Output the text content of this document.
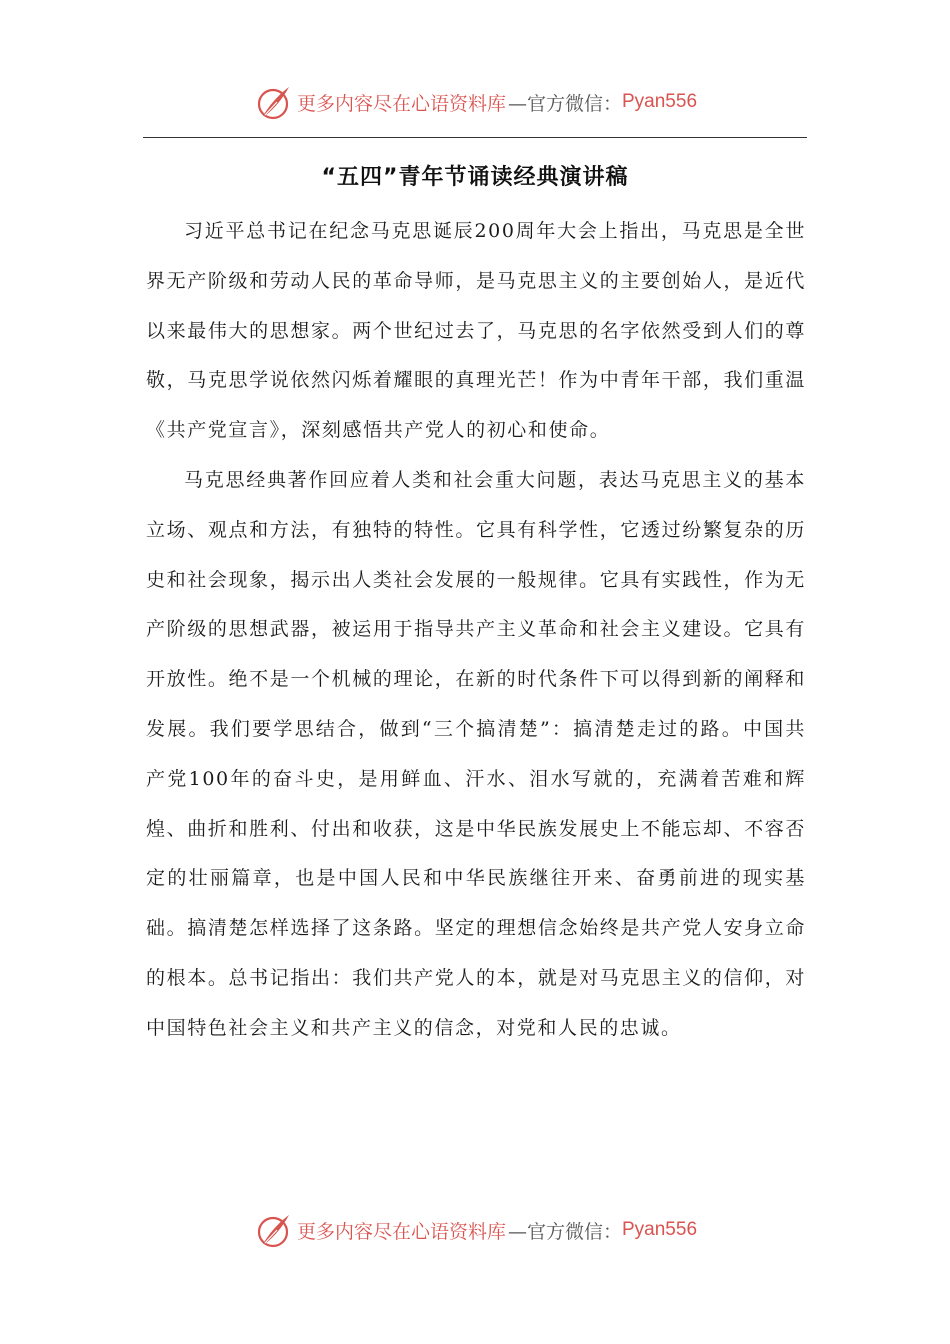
更多内容尽在心语资料库 —官方微信： Pyan556
“五四”青年节诵读经典演讲稿

习近平总书记在纪念马克思诞辰200周年大会上指出，马克思是全世界无产阶级和劳动人民的革命导师，是马克思主义的主要创始人，是近代以来最伟大的思想家。两个世纪过去了，马克思的名字依然受到人们的尊敬，马克思学说依然闪烁着耀眼的真理光芒！作为中青年干部，我们重温《共产党宣言》，深刻感悟共产党人的初心和使命。

马克思经典著作回应着人类和社会重大问题，表达马克思主义的基本立场、观点和方法，有独特的特性。它具有科学性，它透过纷繁复杂的历史和社会现象，揭示出人类社会发展的一般规律。它具有实践性，作为无产阶级的思想武器，被运用于指导共产主义革命和社会主义建设。它具有开放性。绝不是一个机械的理论，在新的时代条件下可以得到新的阐释和发展。我们要学思结合，做到“三个搞清楚”：搞清楚走过的路。中国共产党100年的奋斗史，是用鲜血、汗水、泪水写就的，充满着苦难和辉煌、曲折和胜利、付出和收获，这是中华民族发展史上不能忘却、不容否定的壮丽篇章，也是中国人民和中华民族继往开来、奋勇前进的现实基础。搞清楚怎样选择了这条路。坚定的理想信念始终是共产党人安身立命的根本。总书记指出：我们共产党人的本，就是对马克思主义的信仰，对中国特色社会主义和共产主义的信念，对党和人民的忠诚。

更多内容尽在心语资料库 —官方微信： Pyan556
